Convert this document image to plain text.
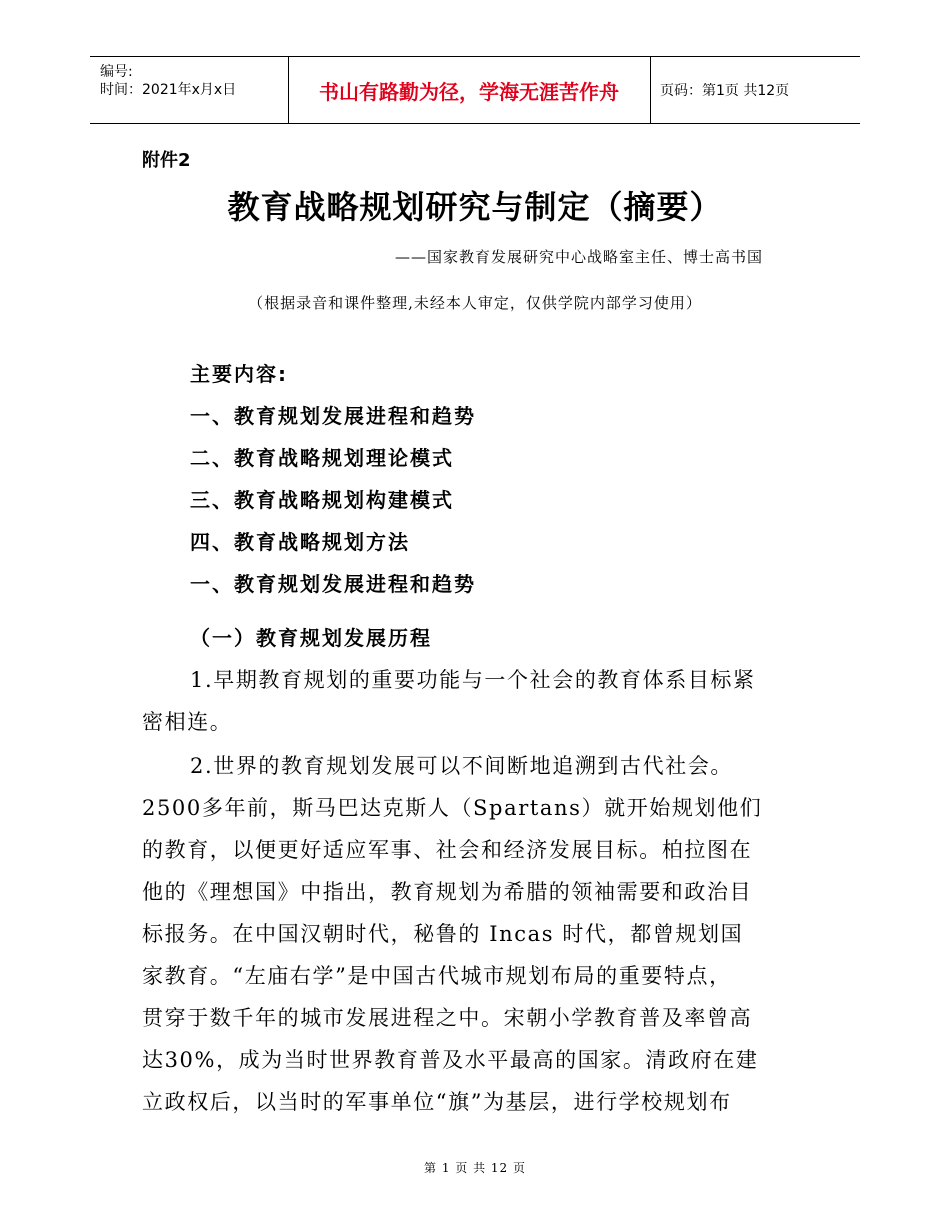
编号:
时间：2021年x月x日	书山有路勤为径，学海无涯苦作舟	页码：第1页 共12页
附件2
教育战略规划研究与制定（摘要）
——国家教育发展研究中心战略室主任、博士高书国
（根据录音和课件整理,未经本人审定，仅供学院内部学习使用）
主要内容:
一、教育规划发展进程和趋势
二、教育战略规划理论模式
三、教育战略规划构建模式
四、教育战略规划方法
一、教育规划发展进程和趋势
（一）教育规划发展历程
1.早期教育规划的重要功能与一个社会的教育体系目标紧
密相连。
2.世界的教育规划发展可以不间断地追溯到古代社会。
2500多年前，斯马巴达克斯人（Spartans）就开始规划他们
的教育，以便更好适应军事、社会和经济发展目标。柏拉图在
他的《理想国》中指出，教育规划为希腊的领袖需要和政治目
标报务。在中国汉朝时代，秘鲁的 Incas 时代，都曾规划国
家教育。“左庙右学”是中国古代城市规划布局的重要特点，
贯穿于数千年的城市发展进程之中。宋朝小学教育普及率曾高
达30%，成为当时世界教育普及水平最高的国家。清政府在建
立政权后，以当时的军事单位“旗”为基层，进行学校规划布
第 1 页 共 12 页
